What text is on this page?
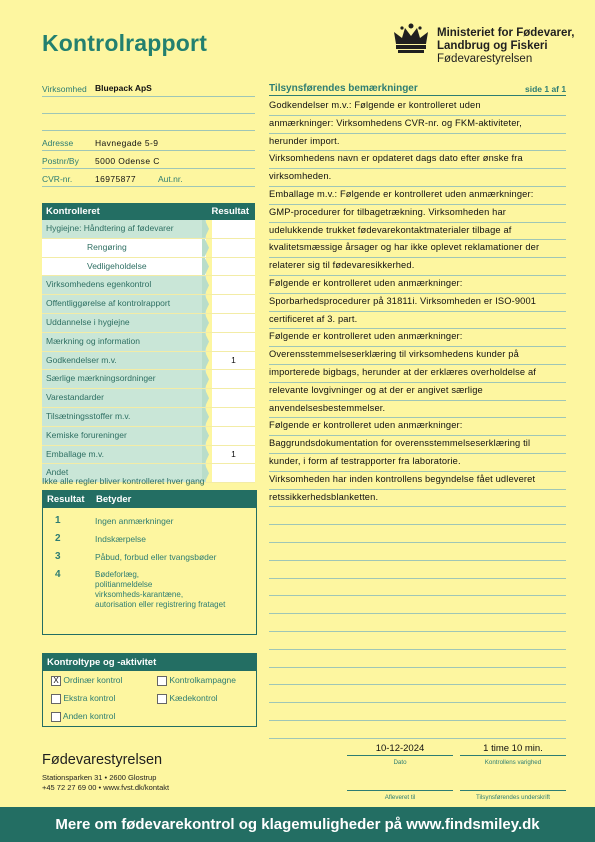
Kontrolrapport	Ministeriet for Fødevarer,
Landbrug og Fiskeri
Fødevarestyrelsen
Virksomhed Bluepack ApS
Adresse	Havnegade 5-9
Postnr/By 5000 Odense C
CVR-nr.	16975877	Aut.nr.
Kontrolleret	Resultat
Hygiejne: Håndtering af fødevarer
Rengøring
Vedligeholdelse
Virksomhedens egenkontrol
Offentliggørelse af kontrolrapport
Uddannelse i hygiejne
Mærkning og information
Godkendelser m.v.	1
Særlige mærkningsordninger
Varestandarder
Tilsætningsstoffer m.v.
Kemiske forureninger
Emballage m.v.	1
Andet
Ikke alle regler bliver kontrolleret hver gang
Resultat Betyder
1	Ingen anmærkninger
2	Indskærpelse
3	Påbud, forbud eller tvangsbøder
4	Bødeforlæg,
politianmeldelse
virksomheds-karantæne,
autorisation eller registrering frataget
Kontroltype og -aktivitet
X Ordinær kontrol	Kontrolkampagne
Ekstra kontrol	Kædekontrol
Anden kontrol
Tilsynsførendes bemærkninger	side 1 af 1
Godkendelser m.v.: Følgende er kontrolleret uden
anmærkninger: Virksomhedens CVR-nr. og FKM-aktiviteter,
herunder import.
Virksomhedens navn er opdateret dags dato efter ønske fra
virksomheden.
Emballage m.v.: Følgende er kontrolleret uden anmærkninger:
GMP-procedurer for tilbagetrækning. Virksomheden har
udelukkende trukket fødevarekontaktmaterialer tilbage af
kvalitetsmæssige årsager og har ikke oplevet reklamationer der
relaterer sig til fødevaresikkerhed.
Følgende er kontrolleret uden anmærkninger:
Sporbarhedsprocedurer på 31811i. Virksomheden er ISO-9001
certificeret af 3. part.
Følgende er kontrolleret uden anmærkninger:
Overensstemmelseserklæring til virksomhedens kunder på
importerede bigbags, herunder at der erklæres overholdelse af
relevante lovgivninger og at der er angivet særlige
anvendelsesbestemmelser.
Følgende er kontrolleret uden anmærkninger:
Baggrundsdokumentation for overensstemmelseserklæring til
kunder, i form af testrapporter fra laboratorie.
Virksomheden har inden kontrollens begyndelse fået udleveret
retssikkerhedsblanketten.
10-12-2024
Dato
1 time 10 min.
Kontrollens varighed
Afleveret til	Tilsynsførendes underskrift
Fødevarestyrelsen
Stationsparken 31 • 2600 Glostrup
+45 72 27 69 00 • www.fvst.dk/kontakt
Mere om fødevarekontrol og klagemuligheder på www.findsmiley.dk
